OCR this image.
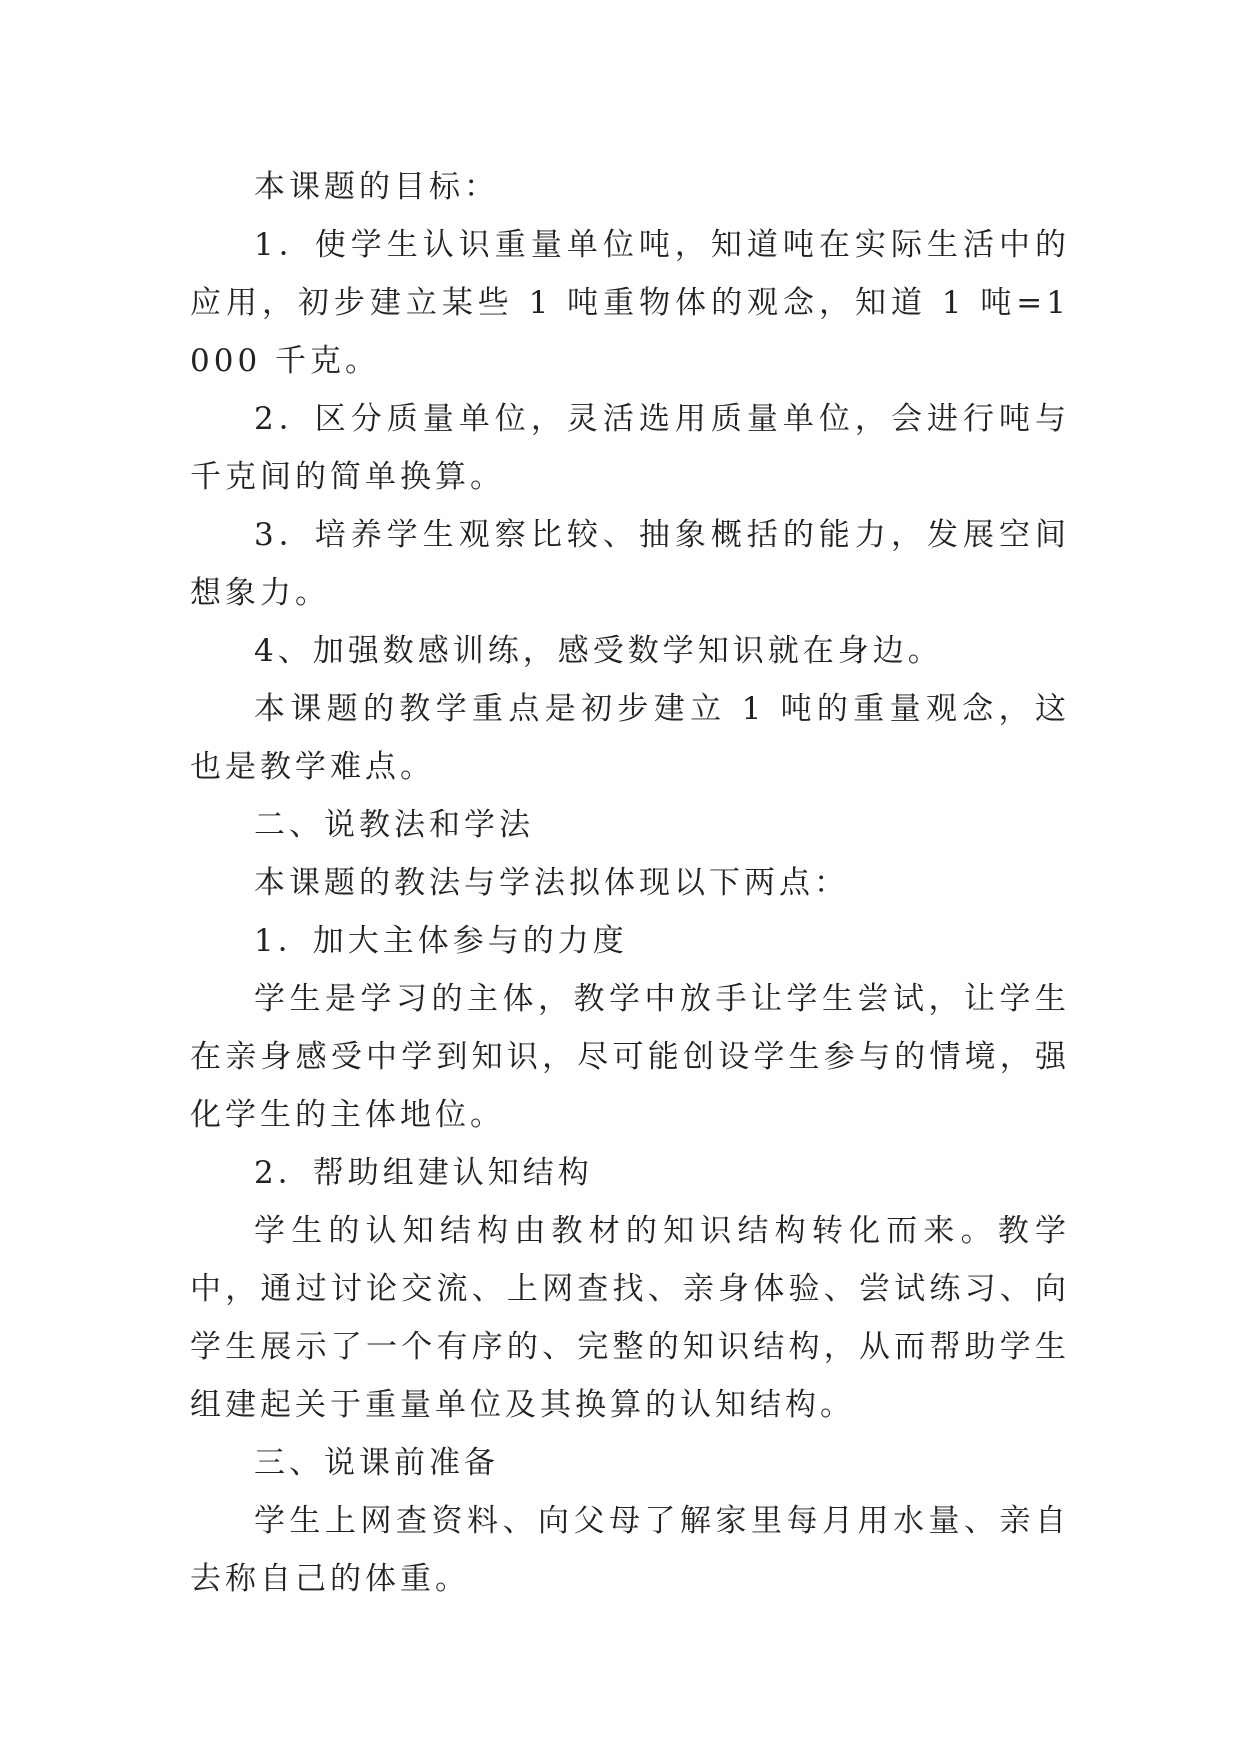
本课题的目标：

1．使学生认识重量单位吨，知道吨在实际生活中的应用，初步建立某些 1 吨重物体的观念，知道 1 吨=1000 千克。

2．区分质量单位，灵活选用质量单位，会进行吨与千克间的简单换算。

3．培养学生观察比较、抽象概括的能力，发展空间想象力。

4、加强数感训练，感受数学知识就在身边。

本课题的教学重点是初步建立 1 吨的重量观念，这也是教学难点。

二、说教法和学法

本课题的教法与学法拟体现以下两点：

1．加大主体参与的力度

学生是学习的主体，教学中放手让学生尝试，让学生在亲身感受中学到知识，尽可能创设学生参与的情境，强化学生的主体地位。

2．帮助组建认知结构

学生的认知结构由教材的知识结构转化而来。教学中，通过讨论交流、上网查找、亲身体验、尝试练习、向学生展示了一个有序的、完整的知识结构，从而帮助学生组建起关于重量单位及其换算的认知结构。

三、说课前准备

学生上网查资料、向父母了解家里每月用水量、亲自去称自己的体重。
